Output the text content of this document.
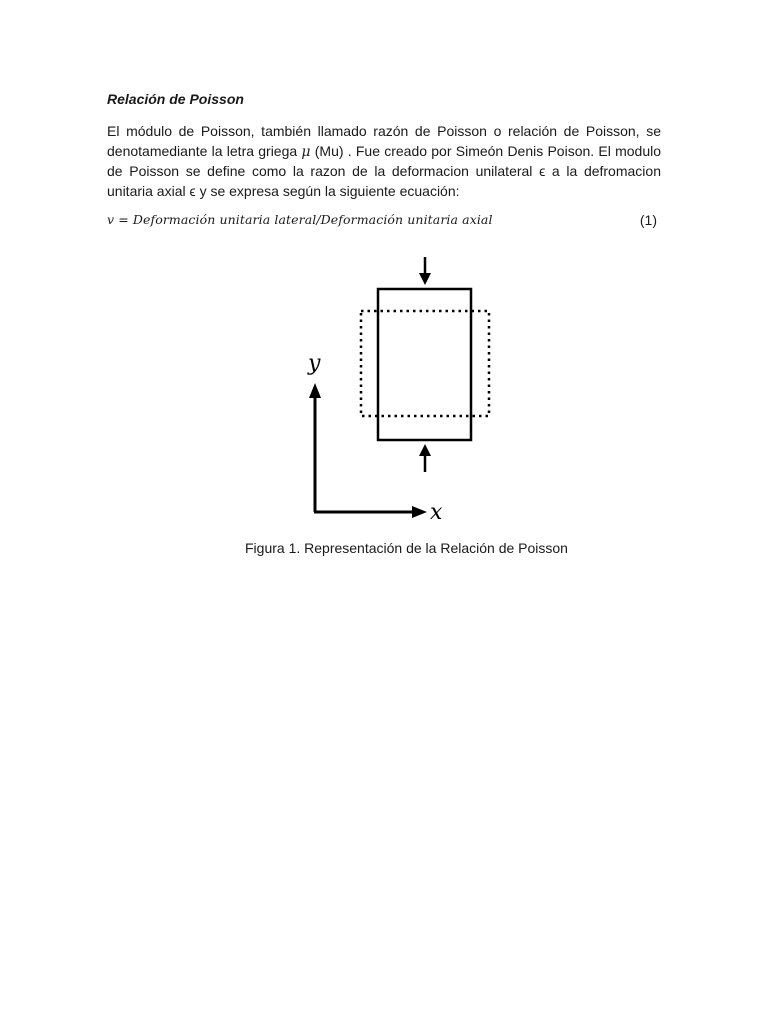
Relación de Poisson

El módulo de Poisson, también llamado razón de Poisson o relación de Poisson, se denotamediante la letra griega μ (Mu) . Fue creado por Simeón Denis Poison. El modulo de Poisson se define como la razon de la deformacion unilateral ϵ a la defromacion unitaria axial ϵ y se expresa según la siguiente ecuación:

v = Deformación unitaria lateral/Deformación unitaria axial	(1)
y
x

Figura 1. Representación de la Relación de Poisson
